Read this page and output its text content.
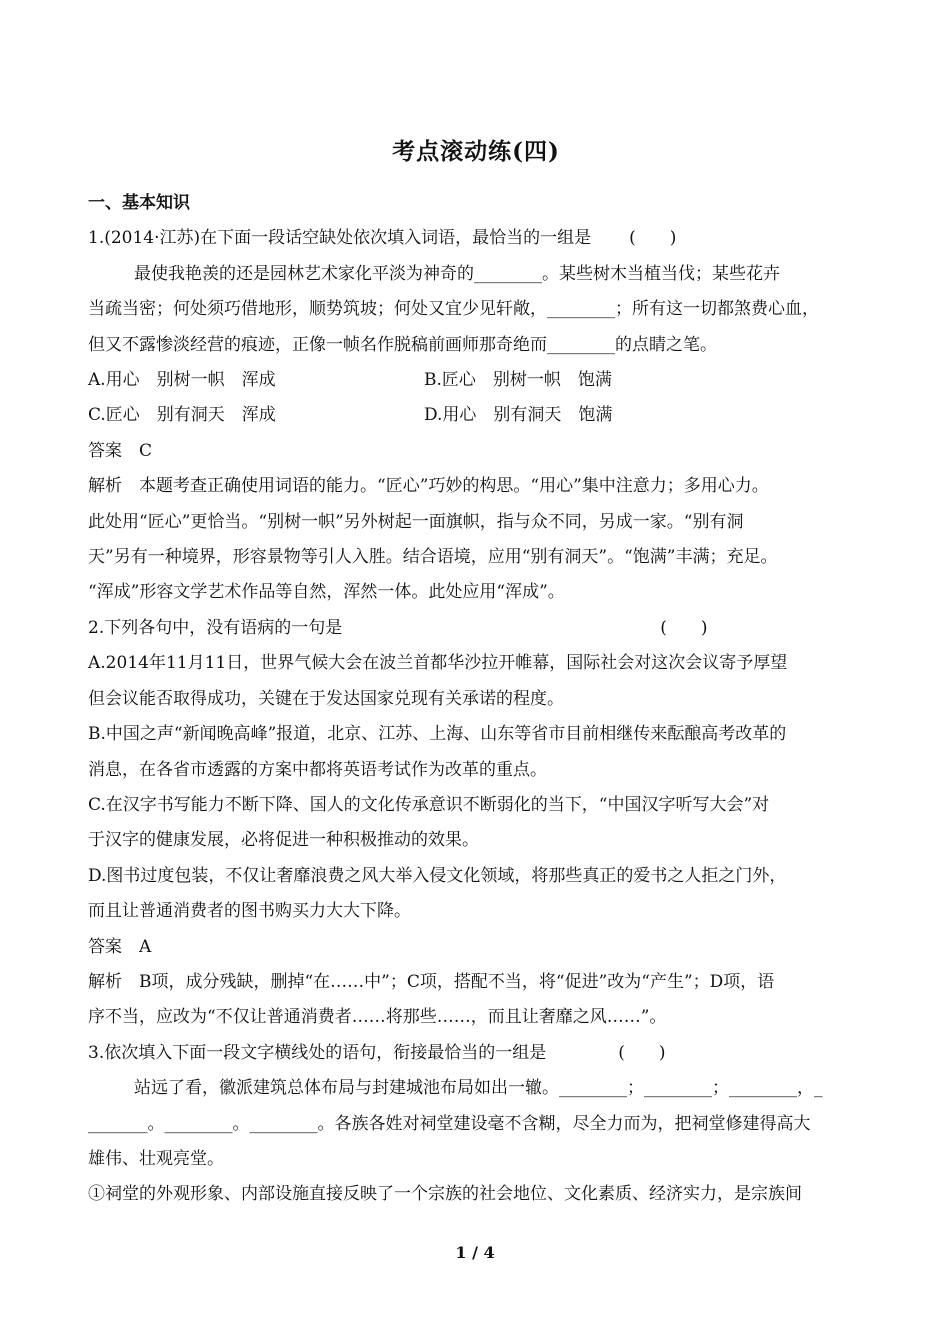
考点滚动练(四)
一、基本知识
1.(2014·江苏)在下面一段话空缺处依次填入词语，最恰当的一组是 (　　)
最使我艳羡的还是园林艺术家化平淡为神奇的________。某些树木当植当伐；某些花卉
当疏当密；何处须巧借地形，顺势筑坡；何处又宜少见轩敞，________；所有这一切都煞费心血，
但又不露惨淡经营的痕迹，正像一帧名作脱稿前画师那奇绝而________的点睛之笔。
A.用心　别树一帜　浑成	B.匠心　别树一帜　饱满
C.匠心　别有洞天　浑成	D.用心　别有洞天　饱满
答案　C
解析　本题考查正确使用词语的能力。“匠心”巧妙的构思。“用心”集中注意力；多用心力。
此处用“匠心”更恰当。“别树一帜”另外树起一面旗帜，指与众不同，另成一家。“别有洞
天”另有一种境界，形容景物等引人入胜。结合语境，应用“别有洞天”。“饱满”丰满；充足。
“浑成”形容文学艺术作品等自然，浑然一体。此处应用“浑成”。
2.下列各句中，没有语病的一句是	(　　)
A.2014年11月11日，世界气候大会在波兰首都华沙拉开帷幕，国际社会对这次会议寄予厚望
但会议能否取得成功，关键在于发达国家兑现有关承诺的程度。
B.中国之声“新闻晚高峰”报道，北京、江苏、上海、山东等省市目前相继传来酝酿高考改革的
消息，在各省市透露的方案中都将英语考试作为改革的重点。
C.在汉字书写能力不断下降、国人的文化传承意识不断弱化的当下，“中国汉字听写大会”对
于汉字的健康发展，必将促进一种积极推动的效果。
D.图书过度包装，不仅让奢靡浪费之风大举入侵文化领域，将那些真正的爱书之人拒之门外，
而且让普通消费者的图书购买力大大下降。
答案　A
解析　B项，成分残缺，删掉“在……中”；C项，搭配不当，将“促进”改为“产生”；D项，语
序不当，应改为“不仅让普通消费者……将那些……，而且让奢靡之风……”。
3.依次填入下面一段文字横线处的语句，衔接最恰当的一组是	(　　)
站远了看，徽派建筑总体布局与封建城池布局如出一辙。________；________；________，_
_______。________。________。各族各姓对祠堂建设毫不含糊，尽全力而为，把祠堂修建得高大
雄伟、壮观亮堂。
①祠堂的外观形象、内部设施直接反映了一个宗族的社会地位、文化素质、经济实力，是宗族间
1 / 4
